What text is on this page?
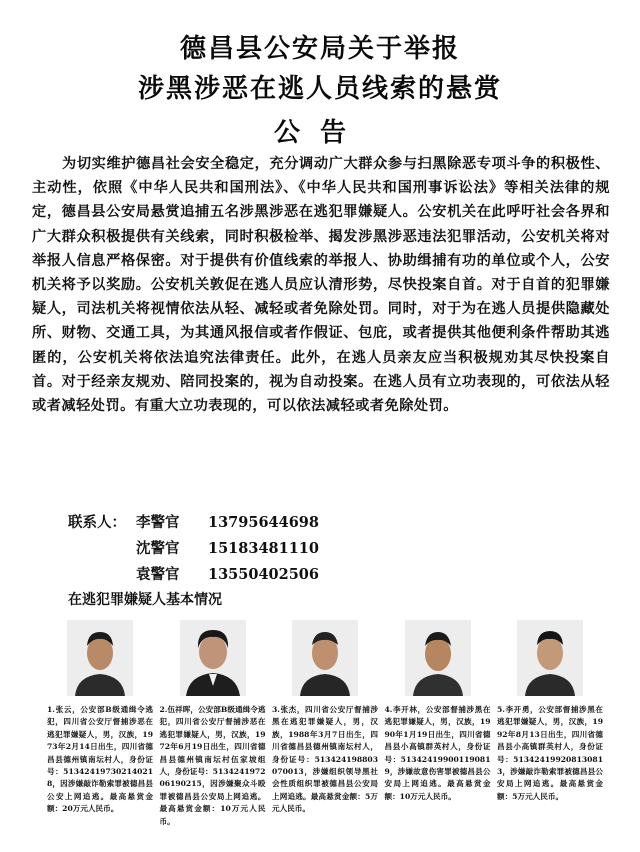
德昌县公安局关于举报
涉黑涉恶在逃人员线索的悬赏
公告
为切实维护德昌社会安全稳定，充分调动广大群众参与扫黑除恶专项斗争的积极性、主动性，依照《中华人民共和国刑法》、《中华人民共和国刑事诉讼法》等相关法律的规定，德昌县公安局悬赏追捕五名涉黑涉恶在逃犯罪嫌疑人。公安机关在此呼吁社会各界和广大群众积极提供有关线索，同时积极检举、揭发涉黑涉恶违法犯罪活动，公安机关将对举报人信息严格保密。对于提供有价值线索的举报人、协助缉捕有功的单位或个人，公安机关将予以奖励。公安机关敦促在逃人员应认清形势，尽快投案自首。对于自首的犯罪嫌疑人，司法机关将视情依法从轻、减轻或者免除处罚。同时，对于为在逃人员提供隐藏处所、财物、交通工具，为其通风报信或者作假证、包庇，或者提供其他便利条件帮助其逃匿的，公安机关将依法追究法律责任。此外，在逃人员亲友应当积极规劝其尽快投案自首。对于经亲友规劝、陪同投案的，视为自动投案。在逃人员有立功表现的，可依法从轻或者减轻处罚。有重大立功表现的，可以依法减轻或者免除处罚。
联系人： 李警官	13795644698
沈警官	15183481110
袁警官	13550402506
在逃犯罪嫌疑人基本情况
1.张云，公安部B级通缉令逃犯，四川省公安厅督捕涉恶在逃犯罪嫌疑人，男，汉族，1973年2月14日出生，四川省德昌县德州镇南坛村人，身份证号：513424197302140218，因涉嫌敲诈勒索罪被德昌县公安上网追逃。最高悬赏金额：20万元人民币。
2.伍祥晖，公安部B级通缉令逃犯，四川省公安厅督捕涉恶在逃犯罪嫌疑人，男，汉族，1972年6月19日出生，四川省德昌县德州镇南坛村伍家坡组人，身份证号：513424197206190215，因涉嫌聚众斗殴罪被德昌县公安局上网追逃。最高悬赏金额：10万元人民币。
3.张杰，四川省公安厅督捕涉黑在逃犯罪嫌疑人，男，汉族，1988年3月7日出生，四川省德昌县德州镇南坛村人，身份证号：513424198803070013，涉嫌组织领导黑社会性质组织罪被德昌县公安局上网追逃。最高悬赏金额：5万元人民币。
4.李开林，公安部督捕涉黑在逃犯罪嫌疑人，男，汉族，1990年1月19日出生，四川省德昌县小高镇群英村人，身份证号：513424199001190819，涉嫌故意伤害罪被德昌县公安局上网追逃。最高悬赏金额：10万元人民币。
5.李开勇，公安部督捕涉黑在逃犯罪嫌疑人，男，汉族，1992年8月13日出生，四川省德昌县小高镇群英村人，身份证号：513424199208130813，涉嫌敲诈勒索罪被德昌县公安局上网追逃。最高悬赏金额：5万元人民币。
